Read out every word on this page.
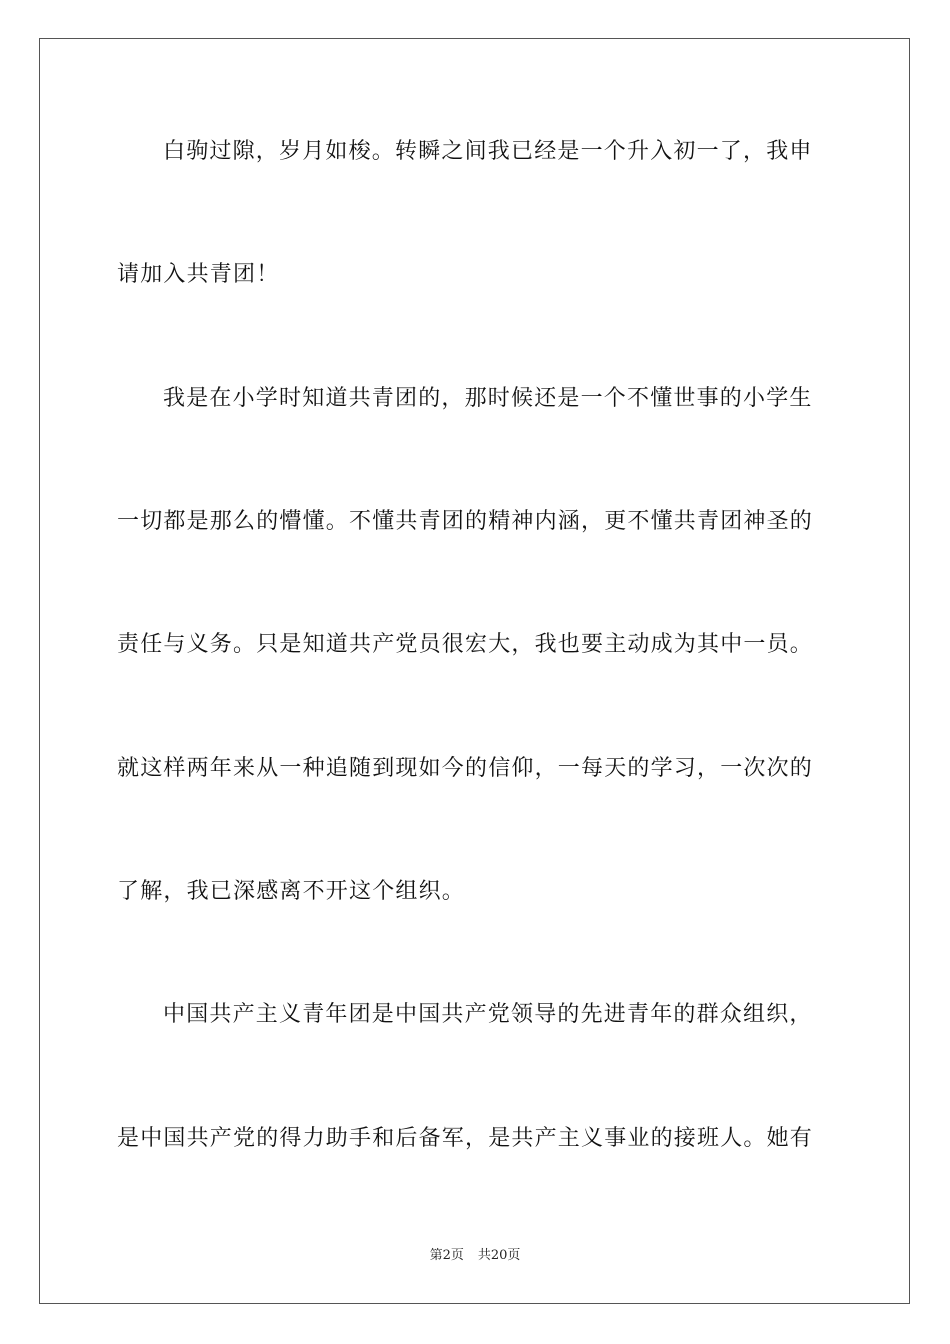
白驹过隙，岁月如梭。转瞬之间我已经是一个升入初一了，我申
请加入共青团！
我是在小学时知道共青团的，那时候还是一个不懂世事的小学生
一切都是那么的懵懂。不懂共青团的精神内涵，更不懂共青团神圣的
责任与义务。只是知道共产党员很宏大，我也要主动成为其中一员。
就这样两年来从一种追随到现如今的信仰，一每天的学习，一次次的
了解，我已深感离不开这个组织。
中国共产主义青年团是中国共产党领导的先进青年的群众组织，
是中国共产党的得力助手和后备军，是共产主义事业的接班人。她有
第2页 共20页
